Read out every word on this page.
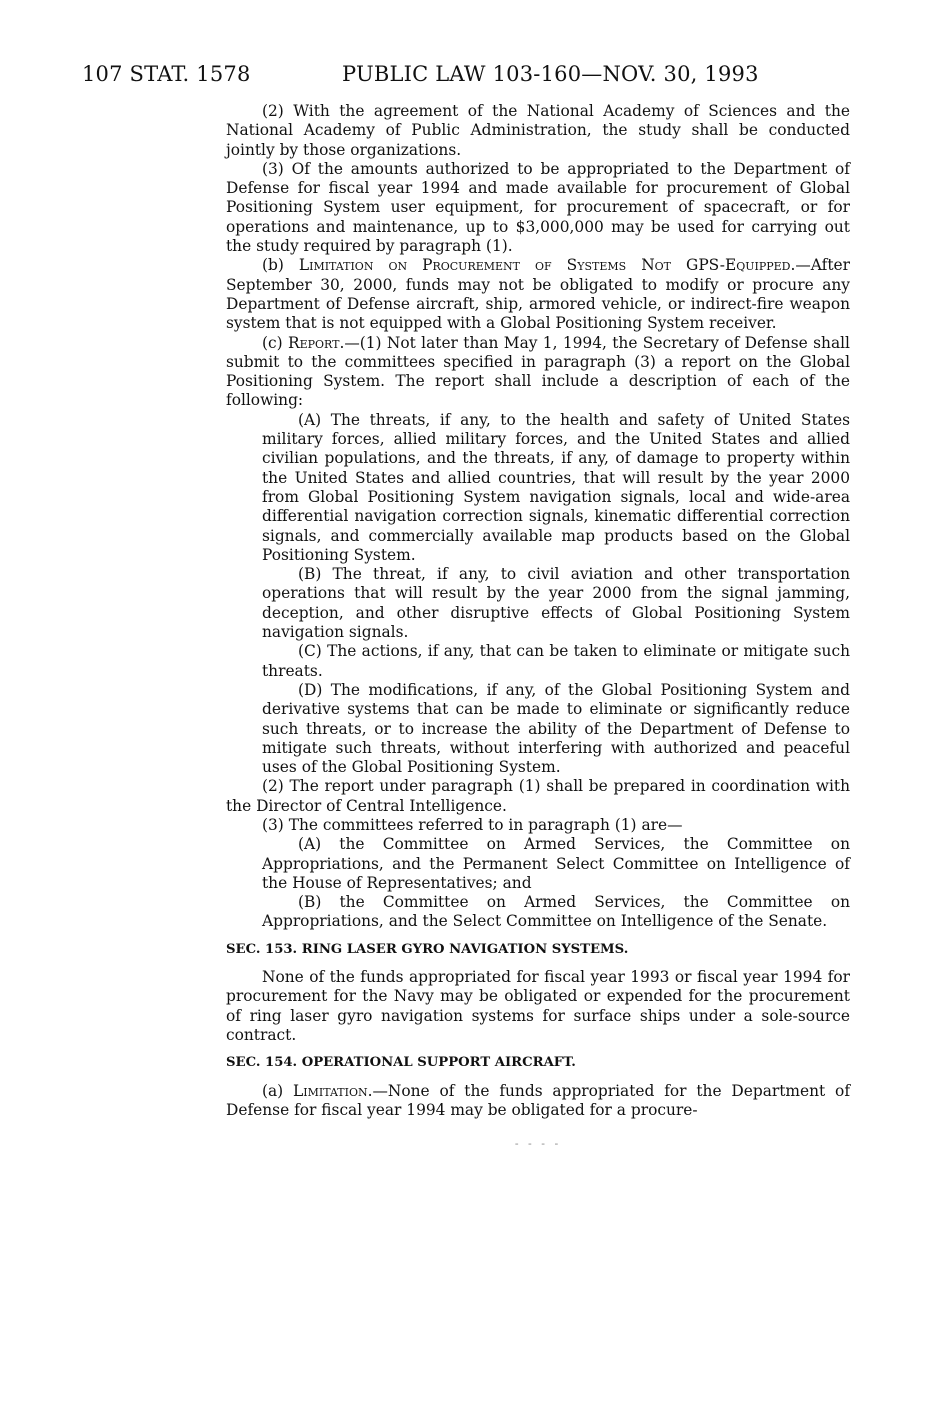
107 STAT. 1578	PUBLIC LAW 103-160—NOV. 30, 1993

(2) With the agreement of the National Academy of Sciences and the National Academy of Public Administration, the study shall be conducted jointly by those organizations.

(3) Of the amounts authorized to be appropriated to the Department of Defense for fiscal year 1994 and made available for procurement of Global Positioning System user equipment, for procurement of spacecraft, or for operations and maintenance, up to $3,000,000 may be used for carrying out the study required by paragraph (1).

(b) Limitation on Procurement of Systems Not GPS-Equipped.—After September 30, 2000, funds may not be obligated to modify or procure any Department of Defense aircraft, ship, armored vehicle, or indirect-fire weapon system that is not equipped with a Global Positioning System receiver.

(c) Report.—(1) Not later than May 1, 1994, the Secretary of Defense shall submit to the committees specified in paragraph (3) a report on the Global Positioning System. The report shall include a description of each of the following:

(A) The threats, if any, to the health and safety of United States military forces, allied military forces, and the United States and allied civilian populations, and the threats, if any, of damage to property within the United States and allied countries, that will result by the year 2000 from Global Positioning System navigation signals, local and wide-area differential navigation correction signals, kinematic differential correction signals, and commercially available map products based on the Global Positioning System.

(B) The threat, if any, to civil aviation and other transportation operations that will result by the year 2000 from the signal jamming, deception, and other disruptive effects of Global Positioning System navigation signals.

(C) The actions, if any, that can be taken to eliminate or mitigate such threats.

(D) The modifications, if any, of the Global Positioning System and derivative systems that can be made to eliminate or significantly reduce such threats, or to increase the ability of the Department of Defense to mitigate such threats, without interfering with authorized and peaceful uses of the Global Positioning System.

(2) The report under paragraph (1) shall be prepared in coordination with the Director of Central Intelligence.

(3) The committees referred to in paragraph (1) are—

(A) the Committee on Armed Services, the Committee on Appropriations, and the Permanent Select Committee on Intelligence of the House of Representatives; and

(B) the Committee on Armed Services, the Committee on Appropriations, and the Select Committee on Intelligence of the Senate.

SEC. 153. RING LASER GYRO NAVIGATION SYSTEMS.

None of the funds appropriated for fiscal year 1993 or fiscal year 1994 for procurement for the Navy may be obligated or expended for the procurement of ring laser gyro navigation systems for surface ships under a sole-source contract.

SEC. 154. OPERATIONAL SUPPORT AIRCRAFT.

(a) Limitation.—None of the funds appropriated for the Department of Defense for fiscal year 1994 may be obligated for a procure-

- - - -
